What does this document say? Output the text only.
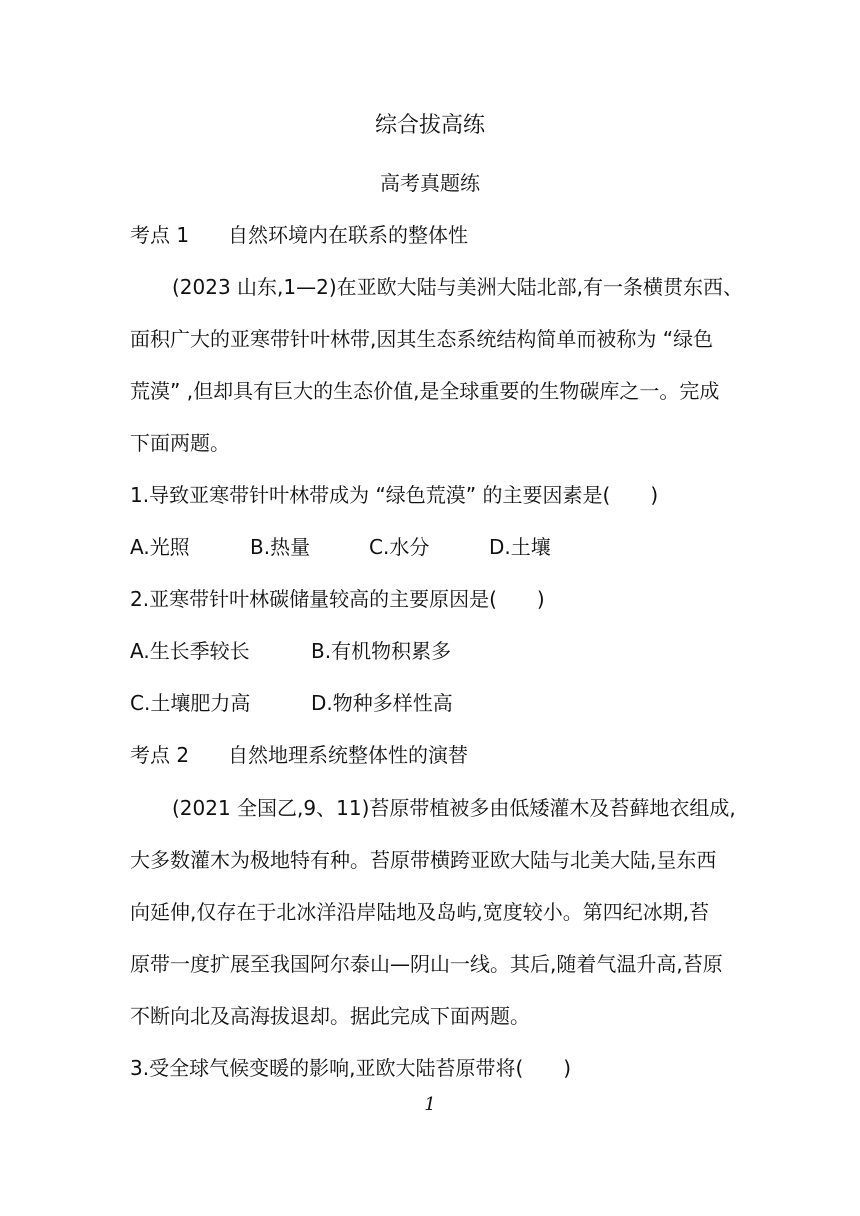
综合拔高练
高考真题练
考点 1 自然环境内在联系的整体性
(2023 山东,1—2)在亚欧大陆与美洲大陆北部,有一条横贯东西、
面积广大的亚寒带针叶林带,因其生态系统结构简单而被称为 “绿色
荒漠” ,但却具有巨大的生态价值,是全球重要的生物碳库之一。完成
下面两题。
1.导致亚寒带针叶林带成为 “绿色荒漠” 的主要因素是(　　)
A.光照	B.热量	C.水分	D.土壤
2.亚寒带针叶林碳储量较高的主要原因是(　　)
A.生长季较长	B.有机物积累多
C.土壤肥力高	D.物种多样性高
考点 2 自然地理系统整体性的演替
(2021 全国乙,9、11)苔原带植被多由低矮灌木及苔藓地衣组成,
大多数灌木为极地特有种。苔原带横跨亚欧大陆与北美大陆,呈东西
向延伸,仅存在于北冰洋沿岸陆地及岛屿,宽度较小。第四纪冰期,苔
原带一度扩展至我国阿尔泰山—阴山一线。其后,随着气温升高,苔原
不断向北及高海拔退却。据此完成下面两题。
3.受全球气候变暖的影响,亚欧大陆苔原带将(　　)
1
